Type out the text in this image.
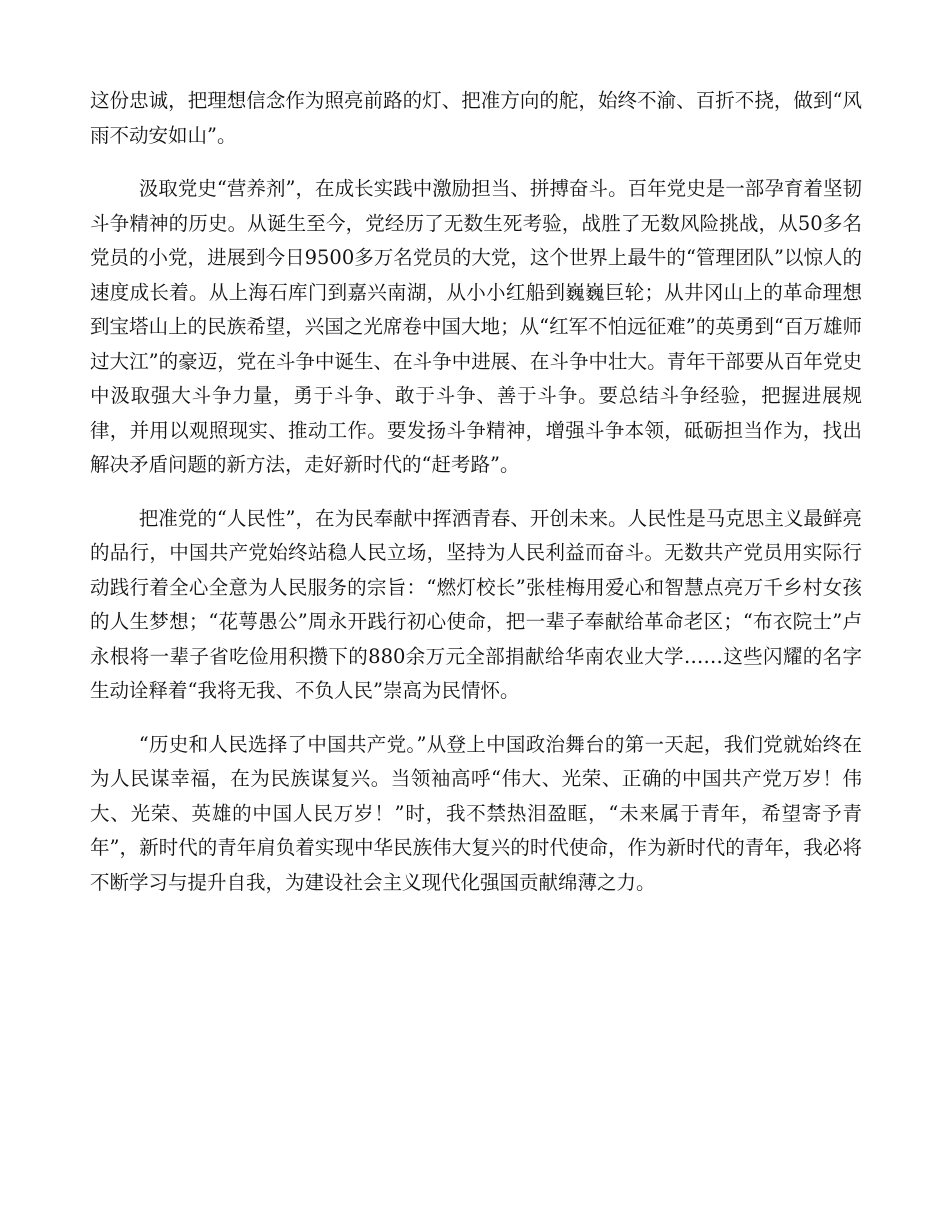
这份忠诚，把理想信念作为照亮前路的灯、把准方向的舵，始终不渝、百折不挠，做到“风雨不动安如山”。

汲取党史“营养剂”，在成长实践中激励担当、拼搏奋斗。百年党史是一部孕育着坚韧斗争精神的历史。从诞生至今，党经历了无数生死考验，战胜了无数风险挑战，从50多名党员的小党，进展到今日9500多万名党员的大党，这个世界上最牛的“管理团队”以惊人的速度成长着。从上海石库门到嘉兴南湖，从小小红船到巍巍巨轮；从井冈山上的革命理想到宝塔山上的民族希望，兴国之光席卷中国大地；从“红军不怕远征难”的英勇到“百万雄师过大江”的豪迈，党在斗争中诞生、在斗争中进展、在斗争中壮大。青年干部要从百年党史中汲取强大斗争力量，勇于斗争、敢于斗争、善于斗争。要总结斗争经验，把握进展规律，并用以观照现实、推动工作。要发扬斗争精神，增强斗争本领，砥砺担当作为，找出解决矛盾问题的新方法，走好新时代的“赶考路”。

把准党的“人民性”，在为民奉献中挥洒青春、开创未来。人民性是马克思主义最鲜亮的品行，中国共产党始终站稳人民立场，坚持为人民利益而奋斗。无数共产党员用实际行动践行着全心全意为人民服务的宗旨：“燃灯校长”张桂梅用爱心和智慧点亮万千乡村女孩的人生梦想；“花萼愚公”周永开践行初心使命，把一辈子奉献给革命老区；“布衣院士”卢永根将一辈子省吃俭用积攒下的880余万元全部捐献给华南农业大学……这些闪耀的名字生动诠释着“我将无我、不负人民”崇高为民情怀。

“历史和人民选择了中国共产党。”从登上中国政治舞台的第一天起，我们党就始终在为人民谋幸福，在为民族谋复兴。当领袖高呼“伟大、光荣、正确的中国共产党万岁！伟大、光荣、英雄的中国人民万岁！”时，我不禁热泪盈眶，“未来属于青年，希望寄予青年”，新时代的青年肩负着实现中华民族伟大复兴的时代使命，作为新时代的青年，我必将不断学习与提升自我，为建设社会主义现代化强国贡献绵薄之力。
